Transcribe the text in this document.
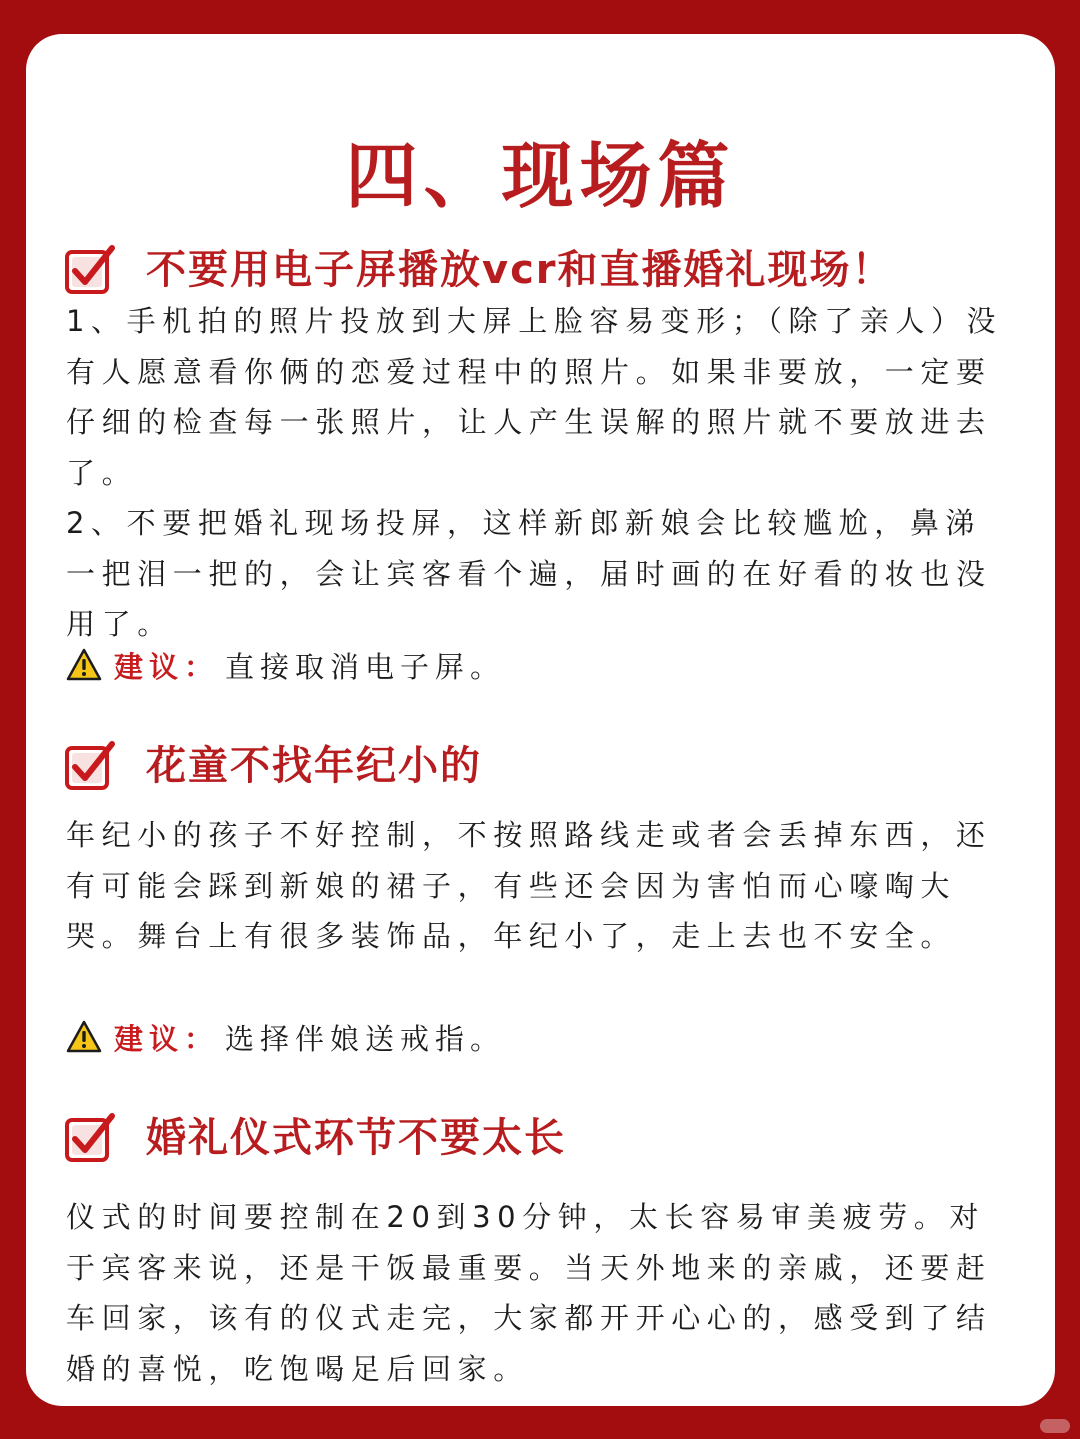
四、现场篇
不要用电子屏播放vcr和直播婚礼现场！

1、手机拍的照片投放到大屏上脸容易变形；（除了亲人）没有人愿意看你俩的恋爱过程中的照片。如果非要放，一定要仔细的检查每一张照片，让人产生误解的照片就不要放进去了。

2、不要把婚礼现场投屏，这样新郎新娘会比较尴尬，鼻涕一把泪一把的，会让宾客看个遍，届时画的在好看的妆也没用了。

建议： 直接取消电子屏。
花童不找年纪小的

年纪小的孩子不好控制，不按照路线走或者会丢掉东西，还有可能会踩到新娘的裙子，有些还会因为害怕而心嚎啕大哭。舞台上有很多装饰品，年纪小了，走上去也不安全。

建议： 选择伴娘送戒指。
婚礼仪式环节不要太长

仪式的时间要控制在20到30分钟，太长容易审美疲劳。对于宾客来说，还是干饭最重要。当天外地来的亲戚，还要赶车回家，该有的仪式走完，大家都开开心心的，感受到了结婚的喜悦，吃饱喝足后回家。
